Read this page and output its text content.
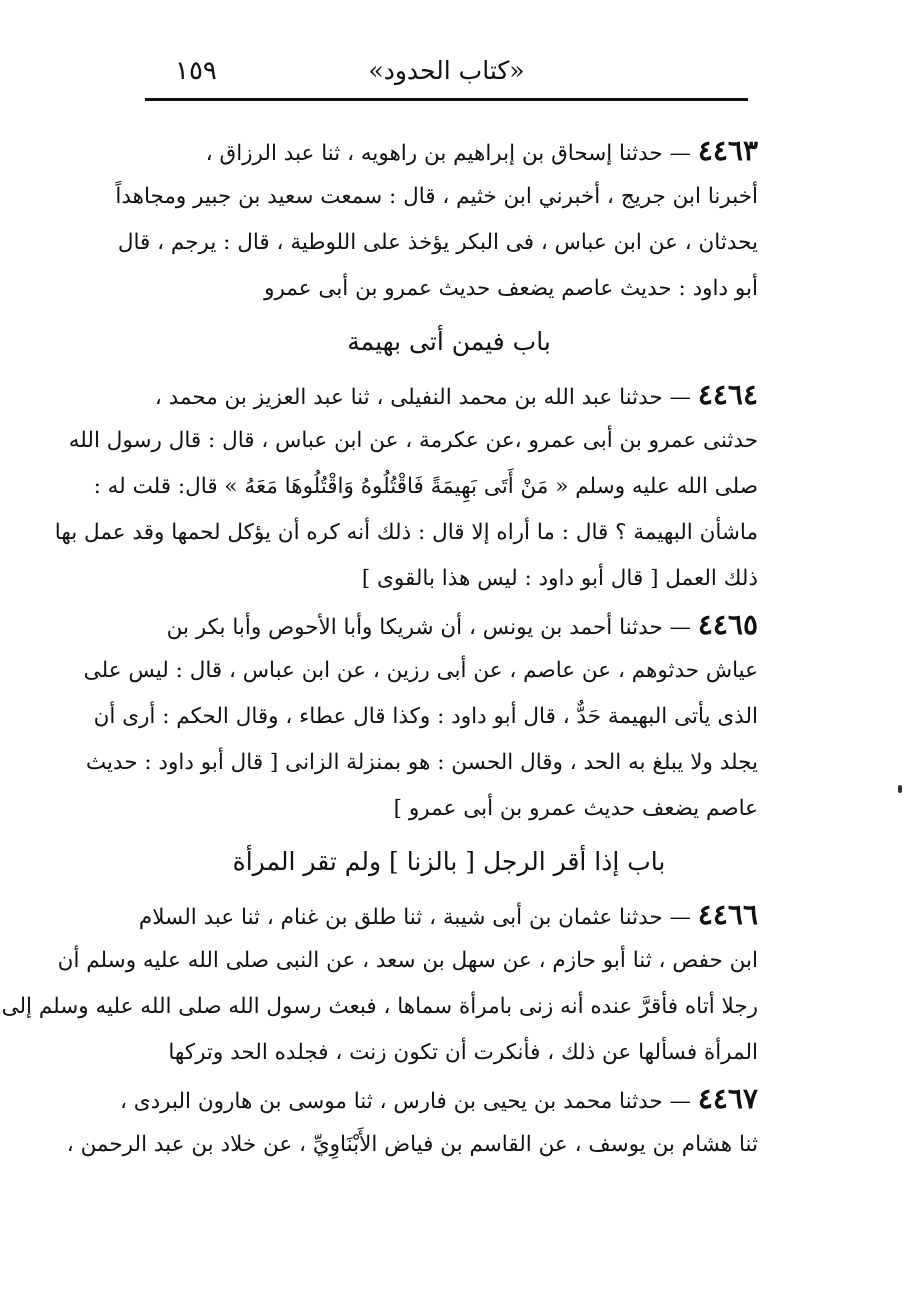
«كتاب الحدود»
١٥٩
٤٤٦٣ — حدثنا إسحاق بن إبراهيم بن راهويه ، ثنا عبد الرزاق ،
أخبرنا ابن جريج ، أخبرني ابن خثيم ، قال : سمعت سعيد بن جبير ومجاهداً
يحدثان ، عن ابن عباس ، فى البكر يؤخذ على اللوطية ، قال : يرجم ، قال
أبو داود : حديث عاصم يضعف حديث عمرو بن أبى عمرو
باب فيمن أتى بهيمة
٤٤٦٤ — حدثنا عبد الله بن محمد النفيلى ، ثنا عبد العزيز بن محمد ،
حدثنى عمرو بن أبى عمرو ،عن عكرمة ، عن ابن عباس ، قال : قال رسول الله
صلى الله عليه وسلم « مَنْ أَتَى بَهِيمَةً فَاقْتُلُوهُ وَاقْتُلُوهَا مَعَهُ » قال: قلت له :
ماشأن البهيمة ؟ قال : ما أراه إلا قال : ذلك أنه كره أن يؤكل لحمها وقد عمل بها
ذلك العمل [ قال أبو داود : ليس هذا بالقوى ]
٤٤٦٥ — حدثنا أحمد بن يونس ، أن شريكا وأبا الأحوص وأبا بكر بن
عياش حدثوهم ، عن عاصم ، عن أبى رزين ، عن ابن عباس ، قال : ليس على
الذى يأتى البهيمة حَدٌّ ، قال أبو داود : وكذا قال عطاء ، وقال الحكم : أرى أن
يجلد ولا يبلغ به الحد ، وقال الحسن : هو بمنزلة الزانى [ قال أبو داود : حديث
عاصم يضعف حديث عمرو بن أبى عمرو ]
باب إذا أقر الرجل [ بالزنا ] ولم تقر المرأة
٤٤٦٦ — حدثنا عثمان بن أبى شيبة ، ثنا طلق بن غنام ، ثنا عبد السلام
ابن حفص ، ثنا أبو حازم ، عن سهل بن سعد ، عن النبى صلى الله عليه وسلم أن
رجلا أتاه فأقرَّ عنده أنه زنى بامرأة سماها ، فبعث رسول الله صلى الله عليه وسلم إلى
المرأة فسألها عن ذلك ، فأنكرت أن تكون زنت ، فجلده الحد وتركها
٤٤٦٧ — حدثنا محمد بن يحيى بن فارس ، ثنا موسى بن هارون البردى ،
ثنا هشام بن يوسف ، عن القاسم بن فياض الأَبْنَاوِيِّ ، عن خلاد بن عبد الرحمن ،
